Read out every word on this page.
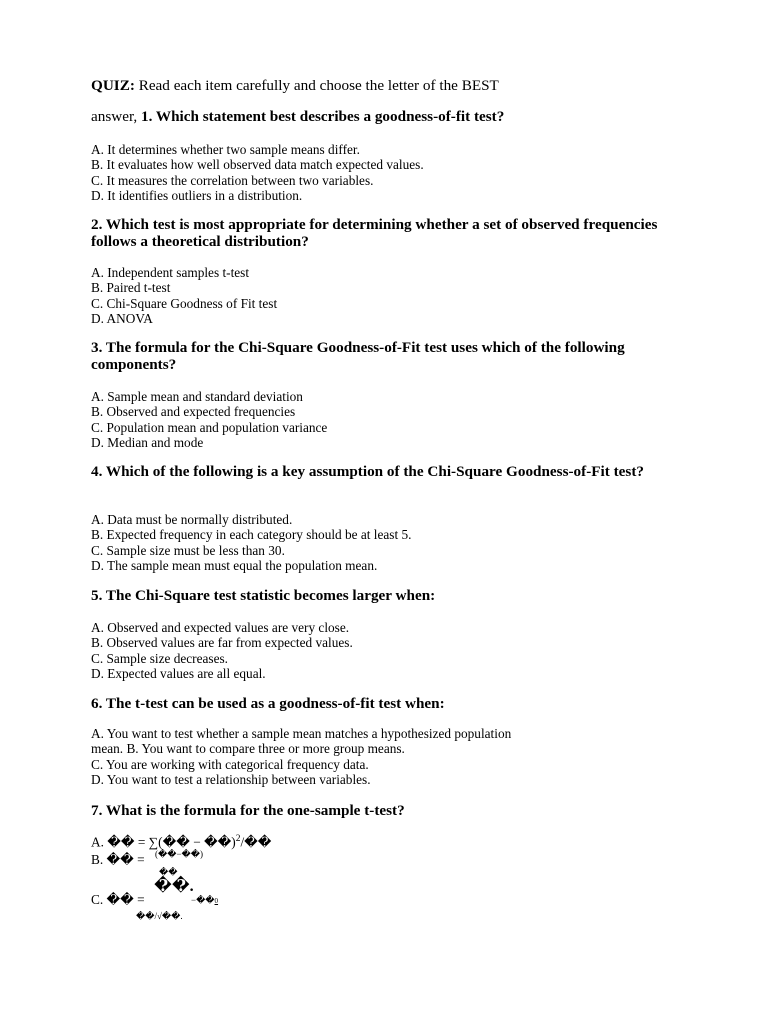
QUIZ: Read each item carefully and choose the letter of the BEST
answer, 1. Which statement best describes a goodness-of-fit test?
A. It determines whether two sample means differ.
B. It evaluates how well observed data match expected values.
C. It measures the correlation between two variables.
D. It identifies outliers in a distribution.
2. Which test is most appropriate for determining whether a set of observed frequencies follows a theoretical distribution?
A. Independent samples t-test
B. Paired t-test
C. Chi-Square Goodness of Fit test
D. ANOVA
3. The formula for the Chi-Square Goodness-of-Fit test uses which of the following components?
A. Sample mean and standard deviation
B. Observed and expected frequencies
C. Population mean and population variance
D. Median and mode
4. Which of the following is a key assumption of the Chi-Square Goodness-of-Fit test?
A. Data must be normally distributed.
B. Expected frequency in each category should be at least 5.
C. Sample size must be less than 30.
D. The sample mean must equal the population mean.
5. The Chi-Square test statistic becomes larger when:
A. Observed and expected values are very close.
B. Observed values are far from expected values.
C. Sample size decreases.
D. Expected values are all equal.
6. The t-test can be used as a goodness-of-fit test when:
A. You want to test whether a sample mean matches a hypothesized population
mean. B. You want to compare three or more group means.
C. You are working with categorical frequency data.
D. You want to test a relationship between variables.
7. What is the formula for the one-sample t-test?
A. �� = ∑(�� − ��)$^2$/��
B. �� = (��−��)
��
��.
C. �� =	−��0
��/√��.
